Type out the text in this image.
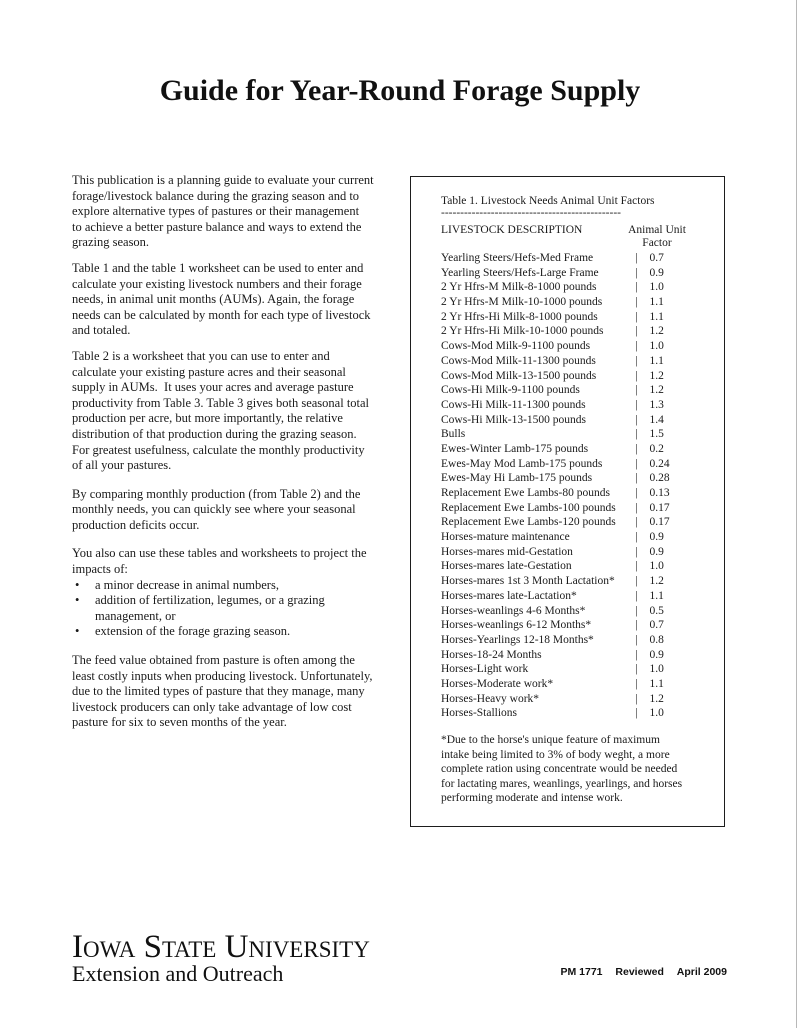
Guide for Year-Round Forage Supply
This publication is a planning guide to evaluate your current
forage/livestock balance during the grazing season and to
explore alternative types of pastures or their management
to achieve a better pasture balance and ways to extend the
grazing season.
Table 1 and the table 1 worksheet can be used to enter and
calculate your existing livestock numbers and their forage
needs, in animal unit months (AUMs). Again, the forage
needs can be calculated by month for each type of livestock
and totaled.
Table 2 is a worksheet that you can use to enter and
calculate your existing pasture acres and their seasonal
supply in AUMs.  It uses your acres and average pasture
productivity from Table 3. Table 3 gives both seasonal total
production per acre, but more importantly, the relative
distribution of that production during the grazing season.
For greatest usefulness, calculate the monthly productivity
of all your pastures.
By comparing monthly production (from Table 2) and the
monthly needs, you can quickly see where your seasonal
production deficits occur.
You also can use these tables and worksheets to project the
impacts of:
• a minor decrease in animal numbers,
• addition of fertilization, legumes, or a grazing
management, or
• extension of the forage grazing season.
The feed value obtained from pasture is often among the
least costly inputs when producing livestock. Unfortunately,
due to the limited types of pasture that they manage, many
livestock producers can only take advantage of low cost
pasture for six to seven months of the year.
Table 1. Livestock Needs Animal Unit Factors
-----------------------------------------------
LIVESTOCK DESCRIPTION	Animal Unit
Factor
Yearling Steers/Hefs-Med Frame	|	0.7
Yearling Steers/Hefs-Large Frame	|	0.9
2 Yr Hfrs-M Milk-8-1000 pounds	|	1.0
2 Yr Hfrs-M Milk-10-1000 pounds	|	1.1
2 Yr Hfrs-Hi Milk-8-1000 pounds	|	1.1
2 Yr Hfrs-Hi Milk-10-1000 pounds	|	1.2
Cows-Mod Milk-9-1100 pounds	|	1.0
Cows-Mod Milk-11-1300 pounds	|	1.1
Cows-Mod Milk-13-1500 pounds	|	1.2
Cows-Hi Milk-9-1100 pounds	|	1.2
Cows-Hi Milk-11-1300 pounds	|	1.3
Cows-Hi Milk-13-1500 pounds	|	1.4
Bulls	|	1.5
Ewes-Winter Lamb-175 pounds	|	0.2
Ewes-May Mod Lamb-175 pounds	|	0.24
Ewes-May Hi Lamb-175 pounds	|	0.28
Replacement Ewe Lambs-80 pounds	|	0.13
Replacement Ewe Lambs-100 pounds	|	0.17
Replacement Ewe Lambs-120 pounds	|	0.17
Horses-mature maintenance	|	0.9
Horses-mares mid-Gestation	|	0.9
Horses-mares late-Gestation	|	1.0
Horses-mares 1st 3 Month Lactation*	|	1.2
Horses-mares late-Lactation*	|	1.1
Horses-weanlings 4-6 Months*	|	0.5
Horses-weanlings 6-12 Months*	|	0.7
Horses-Yearlings 12-18 Months*	|	0.8
Horses-18-24 Months	|	0.9
Horses-Light work	|	1.0
Horses-Moderate work*	|	1.1
Horses-Heavy work*	|	1.2
Horses-Stallions	|	1.0
*Due to the horse's unique feature of maximum
intake being limited to 3% of body weght, a more
complete ration using concentrate would be needed
for lactating mares, weanlings, yearlings, and horses
performing moderate and intense work.
Iowa State University
Extension and Outreach	PM 1771 Reviewed April 2009
